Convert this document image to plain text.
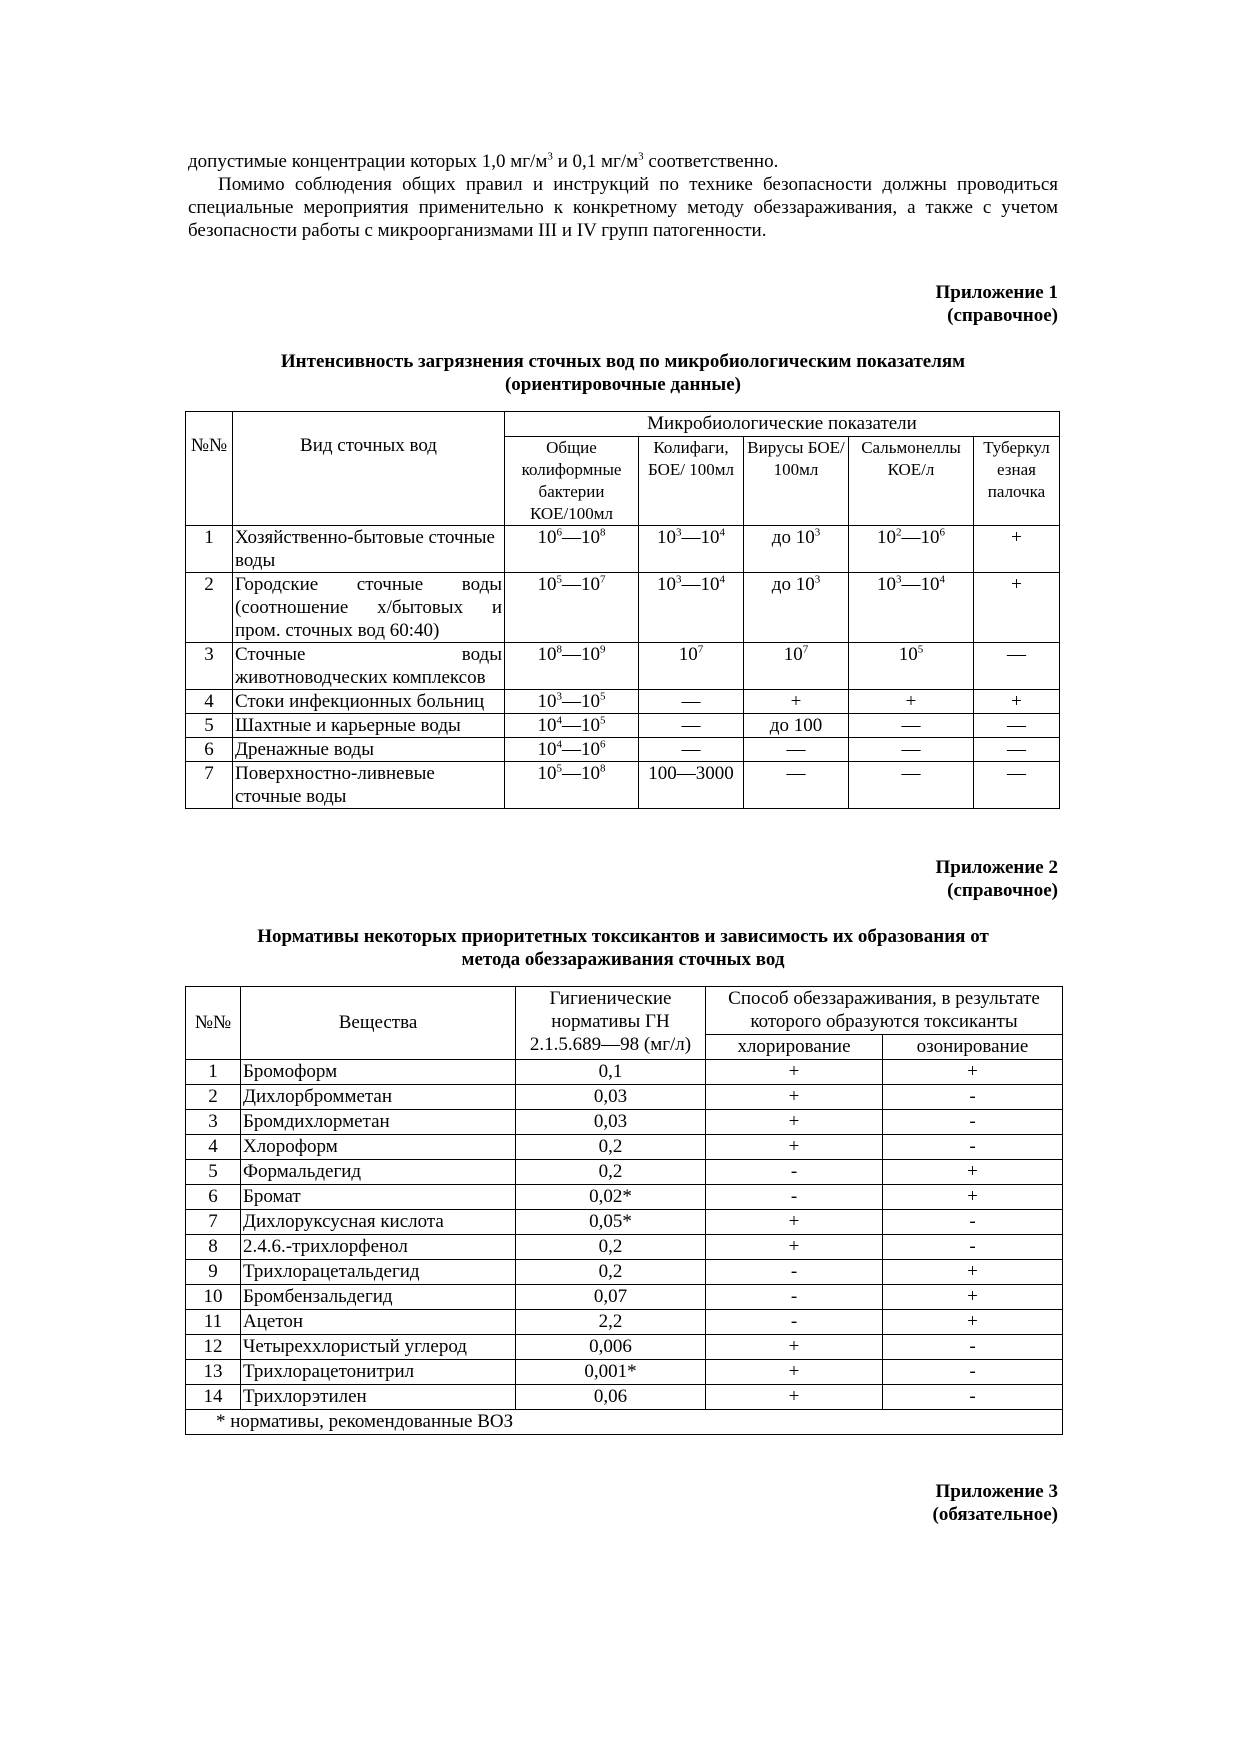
допустимые концентрации которых 1,0 $мг/м^3$ и 0,1 $мг/м^3$ соответственно.

Помимо соблюдения общих правил и инструкций по технике безопасности должны проводиться специальные мероприятия применительно к конкретному методу обеззараживания, а также с учетом безопасности работы с микроорганизмами III и IV групп патогенности.

Приложение 1
(справочное)
Интенсивность загрязнения сточных вод по микробиологическим показателям
(ориентировочные данные)
№№	Вид сточных вод	Микробиологические показатели				
		Общие колиформные бактерии КОЕ/100мл	Колифаги, БОЕ/ 100мл	Вирусы БОЕ/ 100мл	Сальмонеллы КОЕ/л	Туберкул езная палочка
1	Хозяйственно-бытовые сточные воды	$10^6—10^8$	$10^3—10^4$	до $10^3$	$10^2—10^6$	+
2	Городские сточные воды (соотношение х/бытовых и пром. сточных вод 60:40)	$10^5—10^7$	$10^3—10^4$	до $10^3$	$10^3—10^4$	+
3	Сточные воды животноводческих комплексов	$10^8—10^9$	$10^7$	$10^7$	$10^5$	—
4	Стоки инфекционных больниц	$10^3—10^5$	—	+	+	+
5	Шахтные и карьерные воды	$10^4—10^5$	—	до 100	—	—
6	Дренажные воды	$10^4—10^6$	—	—	—	—
7	Поверхностно-ливневые сточные воды	$10^5—10^8$	100—3000	—	—	—
Приложение 2
(справочное)
Нормативы некоторых приоритетных токсикантов и зависимость их образования от
метода обеззараживания сточных вод
№№	Вещества	Гигиенические нормативы ГН 2.1.5.689—98 (мг/л)	Способ обеззараживания, в результате которого образуются токсиканты	
			хлорирование	озонирование
1	Бромоформ	0,1	+	+
2	Дихлорбромметан	0,03	+	-
3	Бромдихлорметан	0,03	+	-
4	Хлороформ	0,2	+	-
5	Формальдегид	0,2	-	+
6	Бромат	0,02*	-	+
7	Дихлоруксусная кислота	0,05*	+	-
8	2.4.6.-трихлорфенол	0,2	+	-
9	Трихлорацетальдегид	0,2	-	+
10	Бромбензальдегид	0,07	-	+
11	Ацетон	2,2	-	+
12	Четыреххлористый углерод	0,006	+	-
13	Трихлорацетонитрил	0,001*	+	-
14	Трихлорэтилен	0,06	+	-
* нормативы, рекомендованные ВОЗ				
Приложение 3
(обязательное)
